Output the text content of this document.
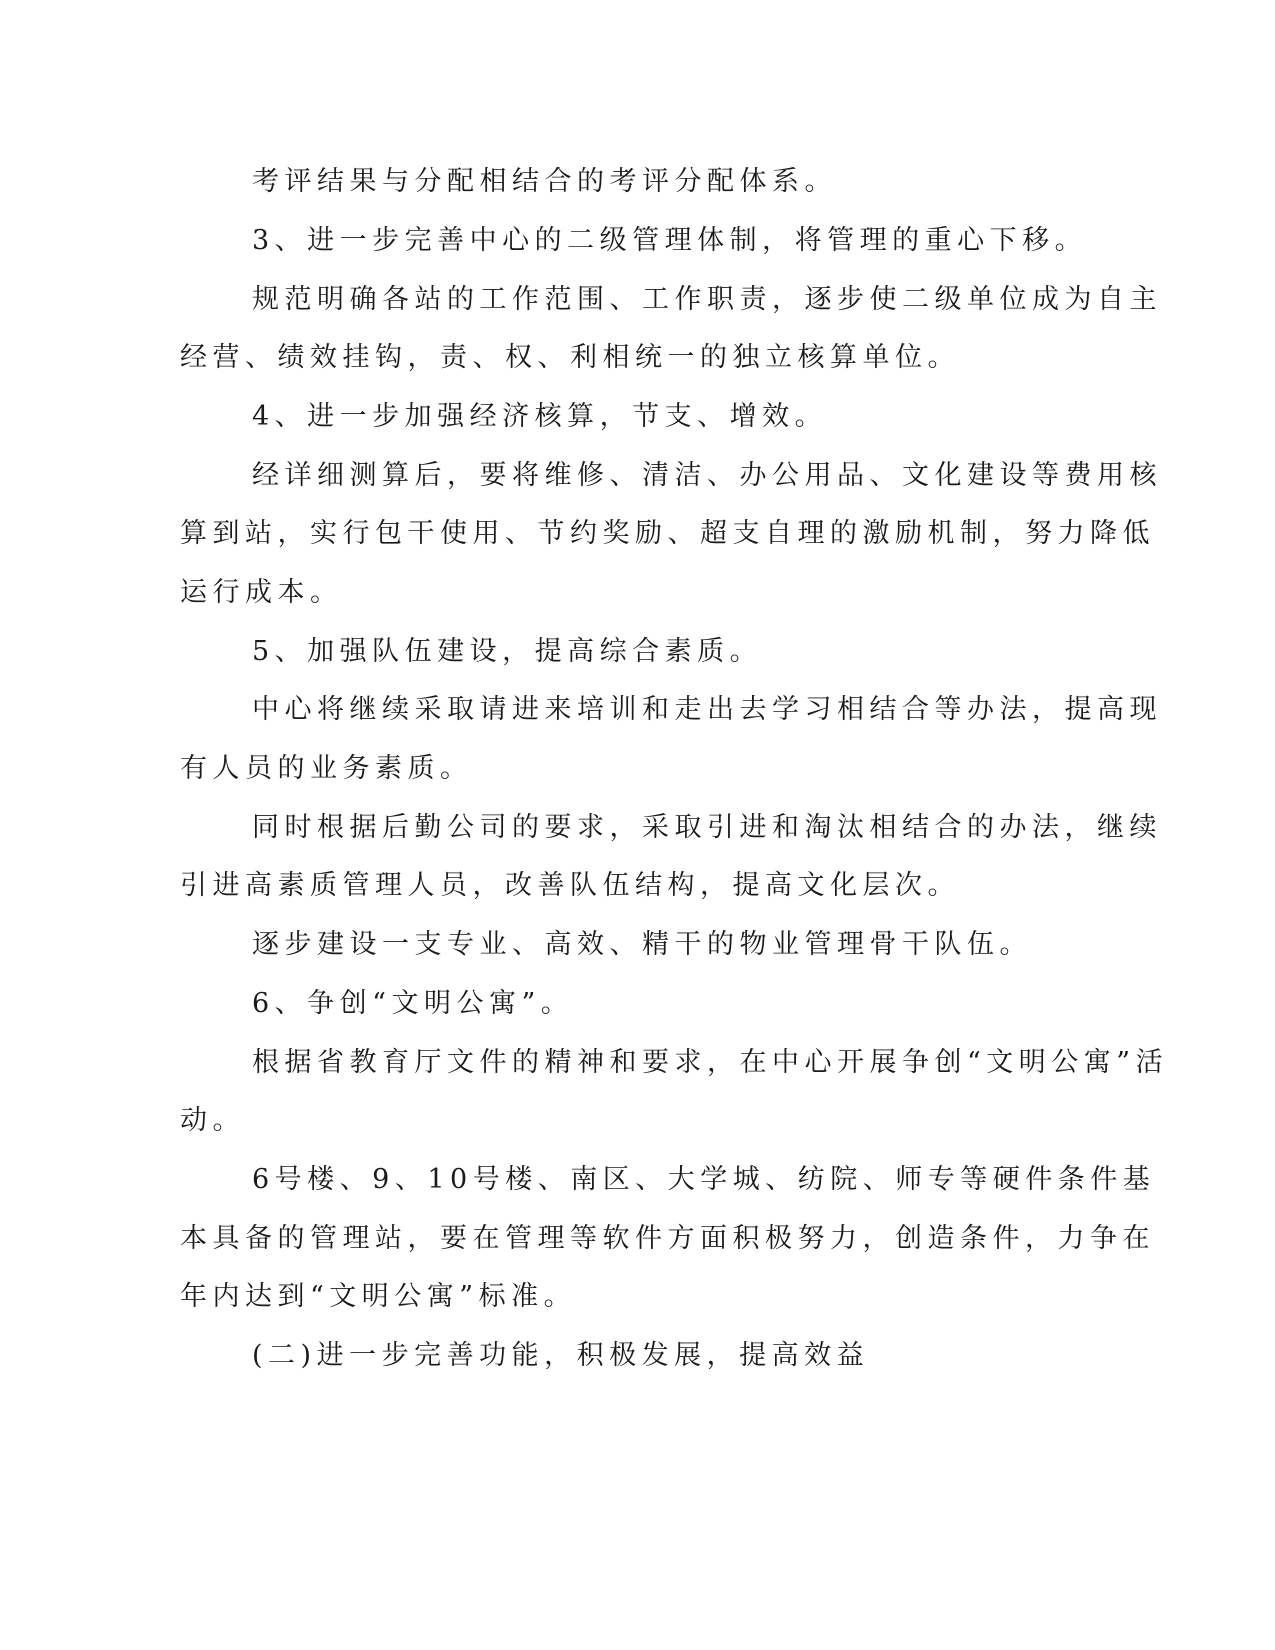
考评结果与分配相结合的考评分配体系。
3、进一步完善中心的二级管理体制，将管理的重心下移。
规范明确各站的工作范围、工作职责，逐步使二级单位成为自主
经营、绩效挂钩，责、权、利相统一的独立核算单位。
4、进一步加强经济核算，节支、增效。
经详细测算后，要将维修、清洁、办公用品、文化建设等费用核
算到站，实行包干使用、节约奖励、超支自理的激励机制，努力降低
运行成本。
5、加强队伍建设，提高综合素质。
中心将继续采取请进来培训和走出去学习相结合等办法，提高现
有人员的业务素质。
同时根据后勤公司的要求，采取引进和淘汰相结合的办法，继续
引进高素质管理人员，改善队伍结构，提高文化层次。
逐步建设一支专业、高效、精干的物业管理骨干队伍。
6、争创“文明公寓”。
根据省教育厅文件的精神和要求，在中心开展争创“文明公寓”活
动。
6号楼、9、10号楼、南区、大学城、纺院、师专等硬件条件基
本具备的管理站，要在管理等软件方面积极努力，创造条件，力争在
年内达到“文明公寓”标准。
(二)进一步完善功能，积极发展，提高效益
